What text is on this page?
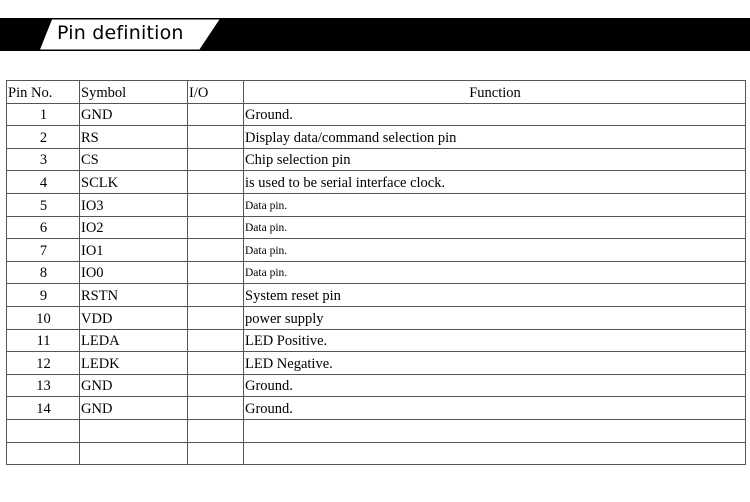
Pin definition
Pin No.	Symbol	I/O	Function
1	GND		Ground.
2	RS		Display data/command selection pin
3	CS		Chip selection pin
4	SCLK		is used to be serial interface clock.
5	IO3		Data pin.
6	IO2		Data pin.
7	IO1		Data pin.
8	IO0		Data pin.
9	RSTN		System reset pin
10	VDD		power supply
11	LEDA		LED Positive.
12	LEDK		LED Negative.
13	GND		Ground.
14	GND		Ground.
